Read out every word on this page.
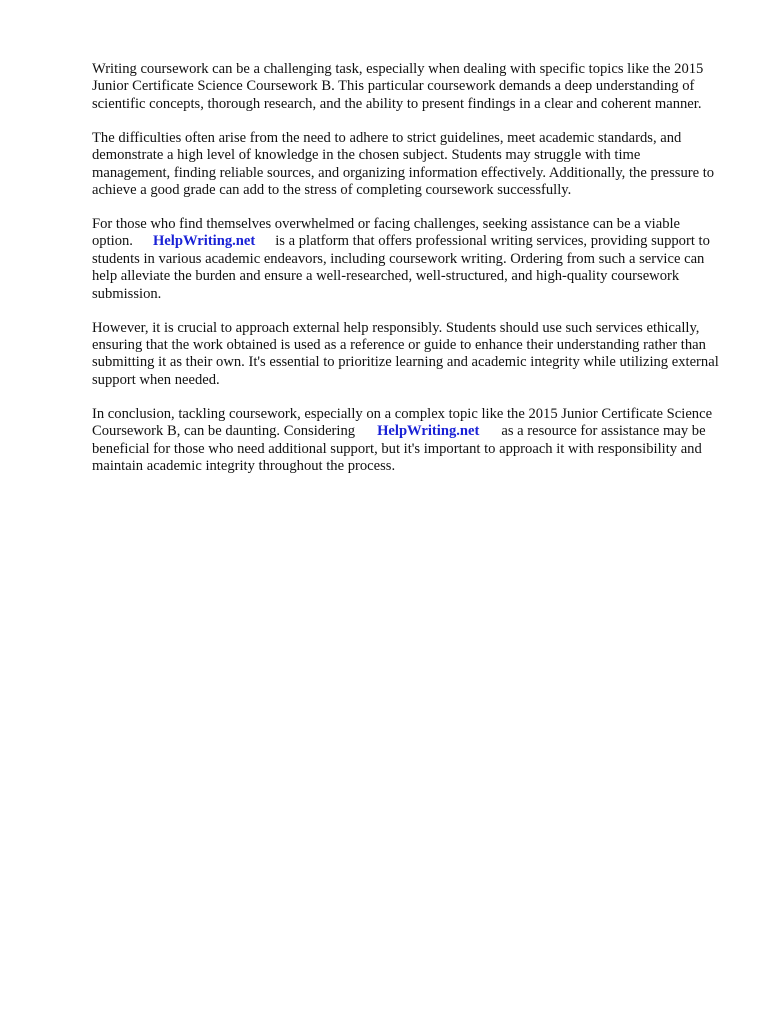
Writing coursework can be a challenging task, especially when dealing with specific topics like the 2015 Junior Certificate Science Coursework B. This particular coursework demands a deep understanding of scientific concepts, thorough research, and the ability to present findings in a clear and coherent manner.

The difficulties often arise from the need to adhere to strict guidelines, meet academic standards, and demonstrate a high level of knowledge in the chosen subject. Students may struggle with time management, finding reliable sources, and organizing information effectively. Additionally, the pressure to achieve a good grade can add to the stress of completing coursework successfully.

For those who find themselves overwhelmed or facing challenges, seeking assistance can be a viable option. HelpWriting.net is a platform that offers professional writing services, providing support to students in various academic endeavors, including coursework writing. Ordering from such a service can help alleviate the burden and ensure a well-researched, well-structured, and high-quality coursework submission.

However, it is crucial to approach external help responsibly. Students should use such services ethically, ensuring that the work obtained is used as a reference or guide to enhance their understanding rather than submitting it as their own. It's essential to prioritize learning and academic integrity while utilizing external support when needed.

In conclusion, tackling coursework, especially on a complex topic like the 2015 Junior Certificate Science Coursework B, can be daunting. Considering HelpWriting.net as a resource for assistance may be beneficial for those who need additional support, but it's important to approach it with responsibility and maintain academic integrity throughout the process.
